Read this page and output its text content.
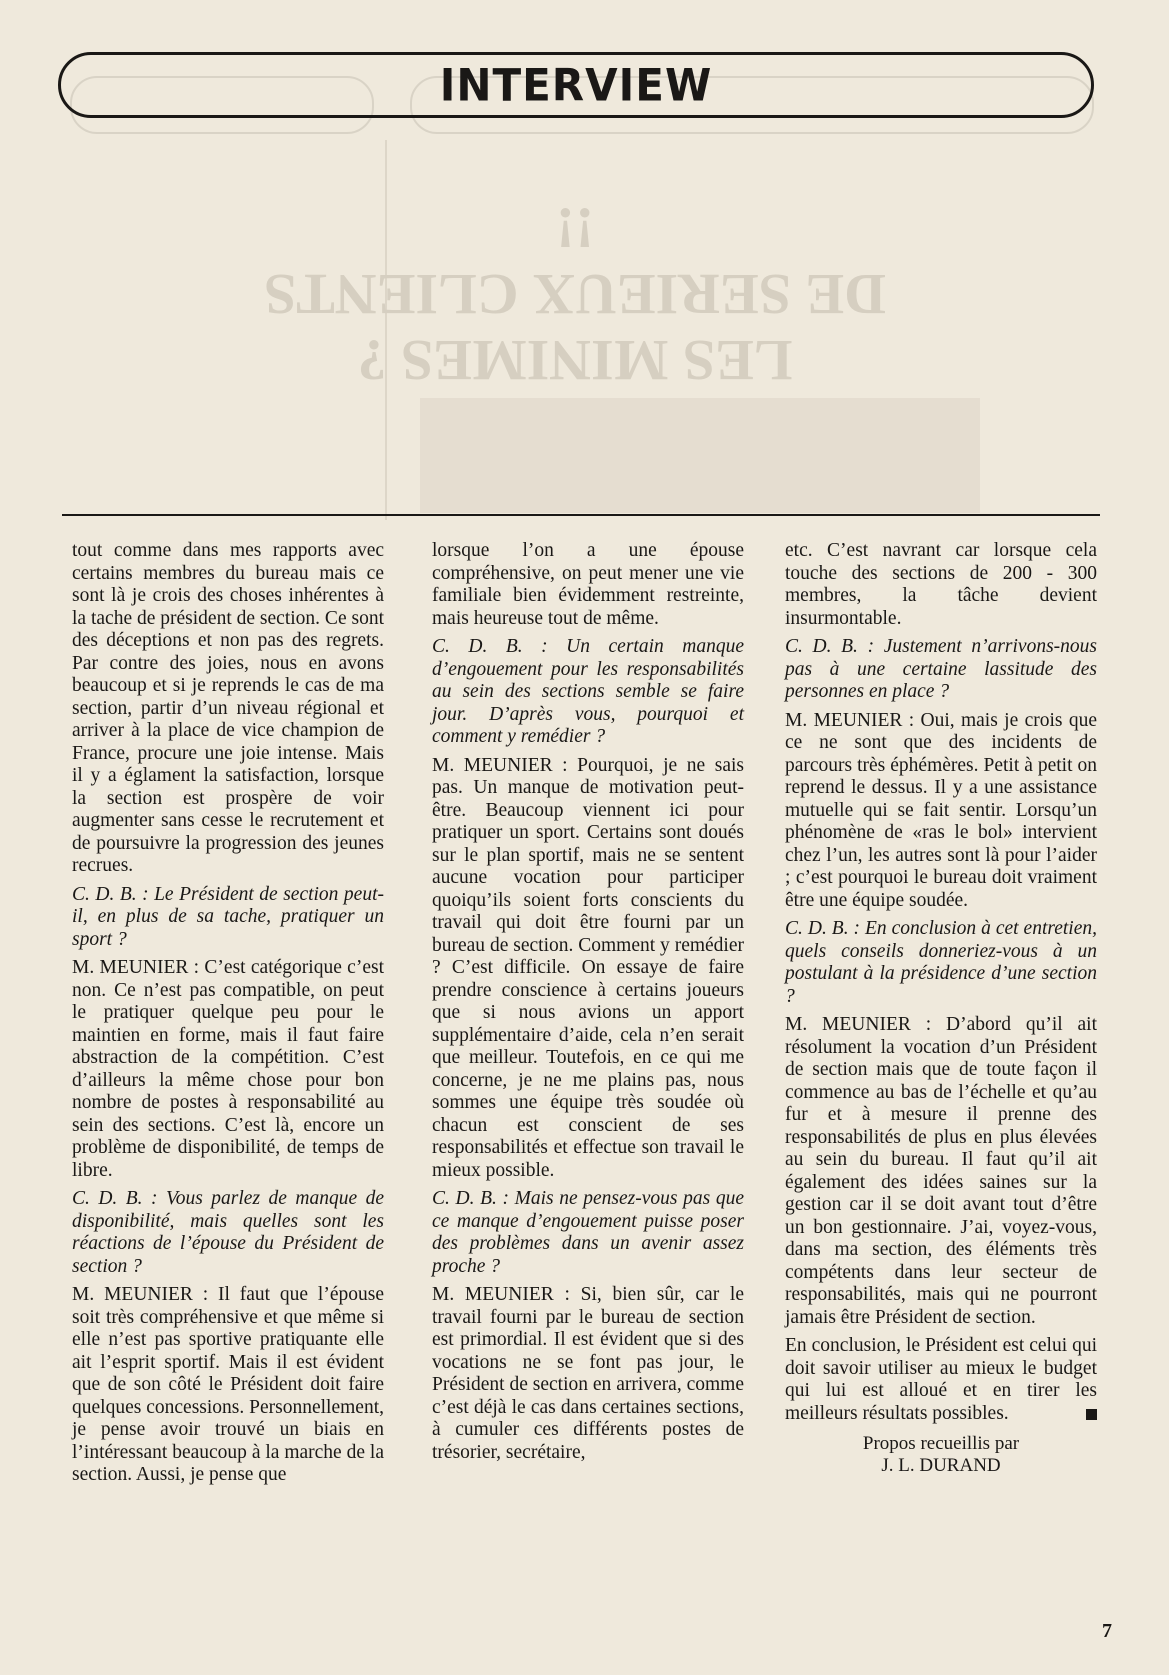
LES MINIMES ?
DE SERIEUX CLIENTS !!
INTERVIEW

tout comme dans mes rapports avec certains membres du bureau mais ce sont là je crois des choses inhérentes à la tache de président de section. Ce sont des déceptions et non pas des regrets. Par contre des joies, nous en avons beaucoup et si je reprends le cas de ma section, partir d’un niveau régional et arriver à la place de vice champion de France, procure une joie intense. Mais il y a églament la satisfaction, lorsque la section est prospère de voir augmenter sans cesse le recrutement et de poursuivre la progression des jeunes recrues.

C. D. B. : Le Président de section peut-il, en plus de sa tache, pratiquer un sport ?

M. MEUNIER : C’est catégorique c’est non. Ce n’est pas compatible, on peut le pratiquer quelque peu pour le maintien en forme, mais il faut faire abstraction de la compétition. C’est d’ailleurs la même chose pour bon nombre de postes à responsabilité au sein des sections. C’est là, encore un problème de disponibilité, de temps de libre.

C. D. B. : Vous parlez de manque de disponibilité, mais quelles sont les réactions de l’épouse du Président de section ?

M. MEUNIER : Il faut que l’épouse soit très compréhensive et que même si elle n’est pas sportive pratiquante elle ait l’esprit sportif. Mais il est évident que de son côté le Président doit faire quelques concessions. Personnellement, je pense avoir trouvé un biais en l’intéressant beaucoup à la marche de la section. Aussi, je pense que

lorsque l’on a une épouse compréhensive, on peut mener une vie familiale bien évidemment restreinte, mais heureuse tout de même.

C. D. B. : Un certain manque d’engouement pour les responsabilités au sein des sections semble se faire jour. D’après vous, pourquoi et comment y remédier ?

M. MEUNIER : Pourquoi, je ne sais pas. Un manque de motivation peut-être. Beaucoup viennent ici pour pratiquer un sport. Certains sont doués sur le plan sportif, mais ne se sentent aucune vocation pour participer quoiqu’ils soient forts conscients du travail qui doit être fourni par un bureau de section. Comment y remédier ? C’est difficile. On essaye de faire prendre conscience à certains joueurs que si nous avions un apport supplémentaire d’aide, cela n’en serait que meilleur. Toutefois, en ce qui me concerne, je ne me plains pas, nous sommes une équipe très soudée où chacun est conscient de ses responsabilités et effectue son travail le mieux possible.

C. D. B. : Mais ne pensez-vous pas que ce manque d’engouement puisse poser des problèmes dans un avenir assez proche ?

M. MEUNIER : Si, bien sûr, car le travail fourni par le bureau de section est primordial. Il est évident que si des vocations ne se font pas jour, le Président de section en arrivera, comme c’est déjà le cas dans certaines sections, à cumuler ces différents postes de trésorier, secrétaire,

etc. C’est navrant car lorsque cela touche des sections de 200 - 300 membres, la tâche devient insurmontable.

C. D. B. : Justement n’arrivons-nous pas à une certaine lassitude des personnes en place ?

M. MEUNIER : Oui, mais je crois que ce ne sont que des incidents de parcours très éphémères. Petit à petit on reprend le dessus. Il y a une assistance mutuelle qui se fait sentir. Lorsqu’un phénomène de «ras le bol» intervient chez l’un, les autres sont là pour l’aider ; c’est pourquoi le bureau doit vraiment être une équipe soudée.

C. D. B. : En conclusion à cet entretien, quels conseils donneriez-vous à un postulant à la présidence d’une section ?

M. MEUNIER : D’abord qu’il ait résolument la vocation d’un Président de section mais que de toute façon il commence au bas de l’échelle et qu’au fur et à mesure il prenne des responsabilités de plus en plus élevées au sein du bureau. Il faut qu’il ait également des idées saines sur la gestion car il se doit avant tout d’être un bon gestionnaire. J’ai, voyez-vous, dans ma section, des éléments très compétents dans leur secteur de responsabilités, mais qui ne pourront jamais être Président de section.

En conclusion, le Président est celui qui doit savoir utiliser au mieux le budget qui lui est alloué et en tirer les meilleurs résultats possibles.

Propos recueillis par
J. L. DURAND
7
